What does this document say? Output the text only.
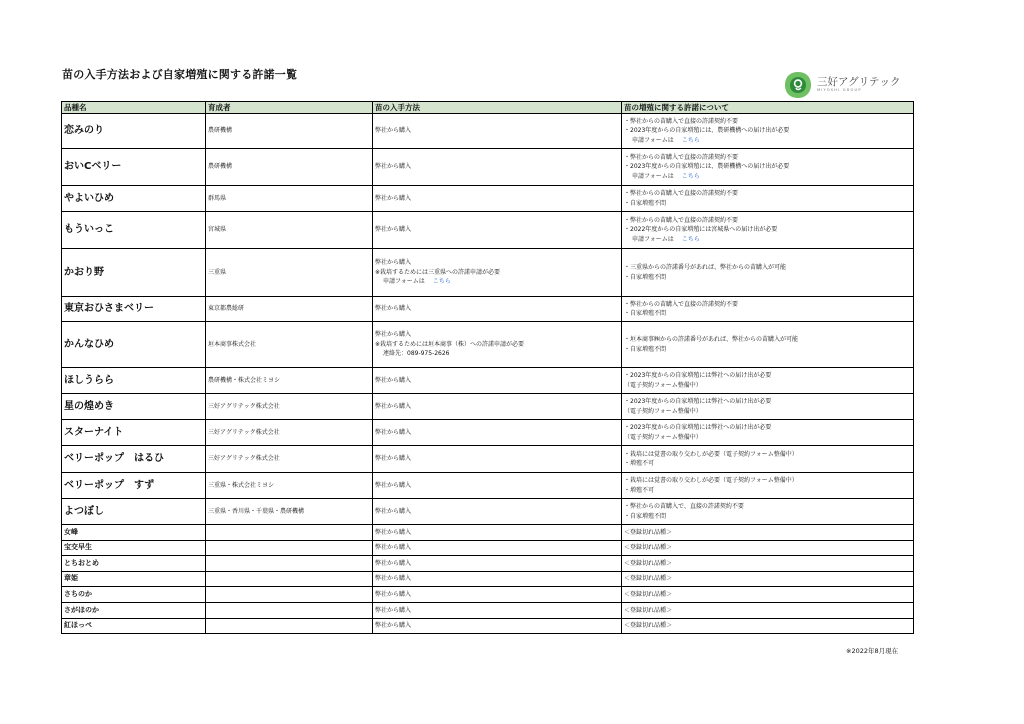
苗の入手方法および自家増殖に関する許諾一覧
三好アグリテック
MIYOSHI GROUP
品種名	育成者	苗の入手方法	苗の増殖に関する許諾について
恋みのり	農研機構	弊社から購入	・弊社からの苗購入で直接の許諾契約不要
・2023年度からの自家増殖には、農研機構への届け出が必要
申請フォームは こちら

おいCベリー	農研機構	弊社から購入	・弊社からの苗購入で直接の許諾契約不要
・2023年度からの自家増殖には、農研機構への届け出が必要
申請フォームは こちら

やよいひめ	群馬県	弊社から購入	・弊社からの苗購入で直接の許諾契約不要
・自家増殖不問

もういっこ	宮城県	弊社から購入	・弊社からの苗購入で直接の許諾契約不要
・2022年度からの自家増殖には宮城県への届け出が必要
申請フォームは こちら

かおり野	三重県	弊社から購入
※栽培するためには三重県への許諾申請が必要
申請フォームは こちら	・三重県からの許諾番号があれば、弊社からの苗購入が可能
・自家増殖不問

東京おひさまベリー	東京都農総研	弊社から購入	・弊社からの苗購入で直接の許諾契約不要
・自家増殖不問

かんなひめ	垣本商事株式会社	弊社から購入
※栽培するためには垣本商事（株）への許諾申請が必要
連絡先：089-975-2626	・垣本商事㈱からの許諾番号があれば、弊社からの苗購入が可能
・自家増殖不問

ほしうらら	農研機構・株式会社ミヨシ	弊社から購入	・2023年度からの自家増殖には弊社への届け出が必要
（電子契約フォーム整備中）

星の煌めき	三好アグリテック株式会社	弊社から購入	・2023年度からの自家増殖には弊社への届け出が必要
（電子契約フォーム整備中）

スターナイト	三好アグリテック株式会社	弊社から購入	・2023年度からの自家増殖には弊社への届け出が必要
（電子契約フォーム整備中）

ベリーポップ　はるひ	三好アグリテック株式会社	弊社から購入	・栽培には覚書の取り交わしが必要（電子契約フォーム整備中）
・増殖不可

ベリーポップ　すず	三重県・株式会社ミヨシ	弊社から購入	・栽培には覚書の取り交わしが必要（電子契約フォーム整備中）
・増殖不可

よつぼし	三重県・香川県・千葉県・農研機構	弊社から購入	・弊社からの苗購入で、直接の許諾契約不要
・自家増殖不問

女峰		弊社から購入	＜登録切れ品種＞
宝交早生		弊社から購入	＜登録切れ品種＞
とちおとめ		弊社から購入	＜登録切れ品種＞
章姫		弊社から購入	＜登録切れ品種＞
さちのか		弊社から購入	＜登録切れ品種＞
さがほのか		弊社から購入	＜登録切れ品種＞
紅ほっぺ		弊社から購入	＜登録切れ品種＞
※2022年8月現在
